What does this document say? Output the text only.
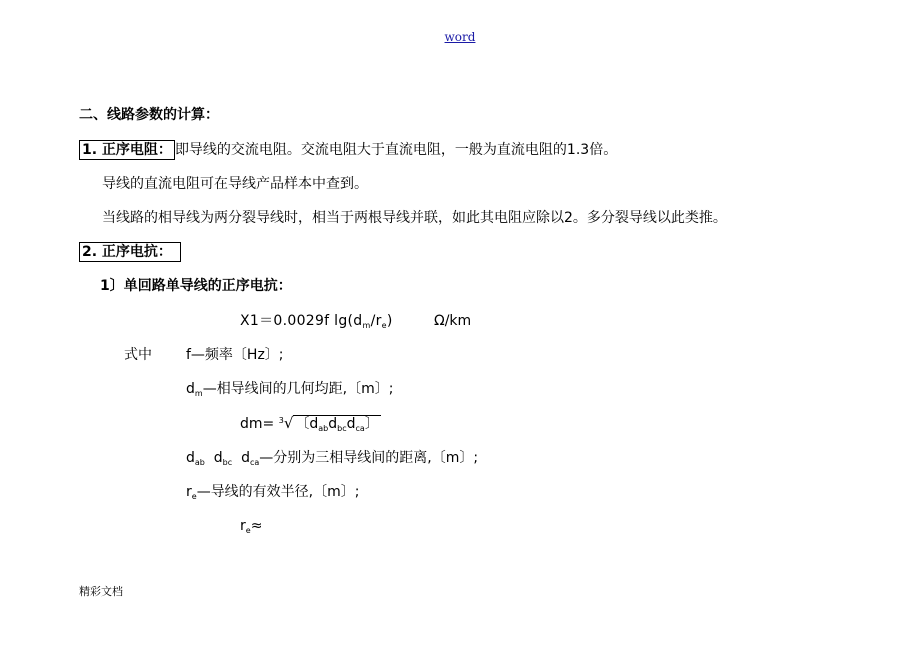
word
二、线路参数的计算：
1. 正序电阻： 即导线的交流电阻。交流电阻大于直流电阻，一般为直流电阻的1.3倍。
导线的直流电阻可在导线产品样本中查到。
当线路的相导线为两分裂导线时，相当于两根导线并联，如此其电阻应除以2。多分裂导线以此类推。
2. 正序电抗：
1〕单回路单导线的正序电抗：
X1＝0.0029f $\lg(d_m/r_e)$	Ω/km
式中 f—频率〔Hz〕;
$d_m—$相导线间的几何均距,〔m〕;
dm= $^3$√ 〔$d_{ab}d_{bc}d_{ca}$〕
$d_{ab}$ $d_{bc}$ $d_{ca}—$分别为三相导线间的距离,〔m〕;
$r_e—$导线的有效半径,〔m〕;
$r_e\approx$
精彩文档
